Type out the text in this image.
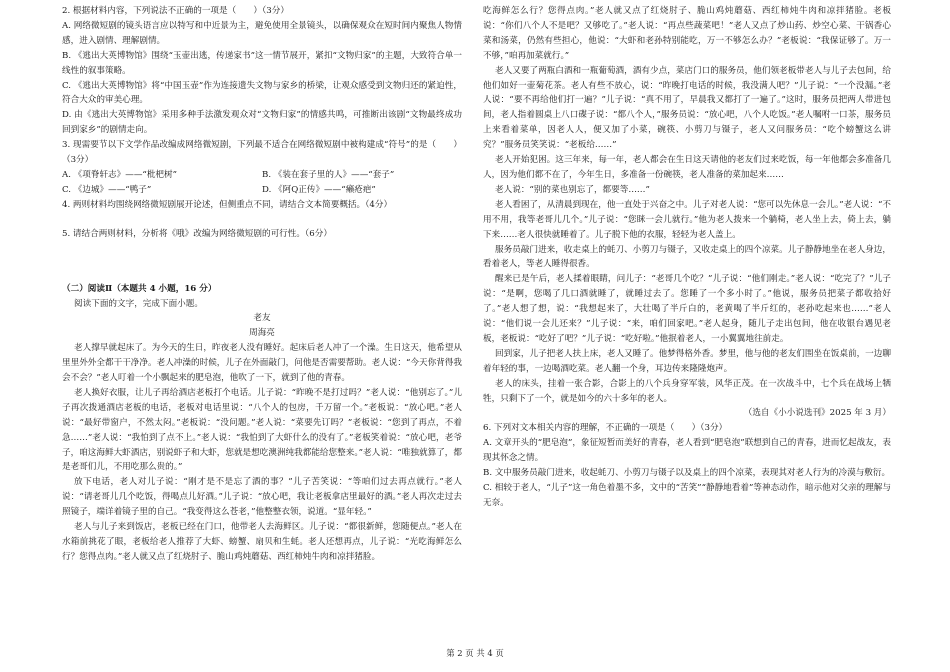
2. 根据材料内容，下列说法不正确的一项是（　　）（3分）

A. 网络微短剧的镜头语言应以特写和中近景为主，避免使用全景镜头，以确保观众在短时间内聚焦人物情感，进入剧情、理解剧情。

B. 《逃出大英博物馆》围绕“玉壶出逃，传递家书”这一情节展开，紧扣“文物归家”的主题，大致符合单一线性的叙事策略。

C. 《逃出大英博物馆》将“中国玉壶”作为连接遗失文物与家乡的桥梁，让观众感受到文物归还的紧迫性，符合大众的审美心理。

D. 由《逃出大英博物馆》采用多种手法激发观众对“文物归家”的情感共鸣，可推断出该剧“文物最终成功回到家乡”的剧情走向。

3. 现需要节以下文学作品改编成网络微短剧，下列最不适合在网络微短剧中被构建成“符号”的是（　　）（3分）

A. 《项脊轩志》——“枇杷树”	B. 《装在套子里的人》——“套子”
C. 《边城》——“鸭子”	D. 《阿Q正传》——“癞疮疤”

4. 两则材料均围绕网络微短剧展开论述，但侧重点不同，请结合文本简要概括。（4分）

5. 请结合两则材料，分析将《哦》改编为网络微短剧的可行性。（6分）

（二）阅读Ⅱ（本题共 4 小题，16 分）

阅读下面的文字，完成下面小题。

老友

周海亮

老人撑早就起床了。为今天的生日，昨夜老人没有睡好。起床后老人冲了一个澡。生日这天，他希望从里里外外全都干干净净。老人冲澡的时候，儿子在外面敲门，问他是否需要帮助。老人说：“今天你背得我会不会？”老人叮着一个小飘起来的肥皂泡，他吹了一下，就到了他的青春。

老人换好衣服，让儿子再给酒店老板打个电话。儿子说：“昨晚不是打过吗？”老人说：“他别忘了。”儿子再次拨通酒店老板的电话，老板对电话里说：“八个人的包房，千万留一个。”老板说：“放心吧。”老人说：“最好带窗户，不然太闷。”老板说：“没问题。”老人说：“菜要先订吗？”老板说：“您到了再点，不着急……”老人说：“我怕到了点不上。”老人说：“我怕到了大虾什么的没有了。”老板笑着说：“放心吧，老爷子，咱这海鲜大虾酒店，别说虾子和大虾，您就是想吃澳洲纯我都能给您整来。”老人说：“唯独就算了，都是老哥们儿，不用吃那么贵的。”

放下电话，老人对儿子说：“刚才是不是忘了酒的事？”儿子苦笑说：“等咱们过去再点就行。”老人说：“请老哥儿几个吃饭，得喝点儿好酒。”儿子说：“放心吧，我让老板拿店里最好的酒。”老人再次走过去照镜子，端详着镜子里的自己。“我变得这么苍老，”他整整衣领，说道。“显年轻。”

老人与儿子来到饭店，老板已经在门口，他带老人去海鲜区。儿子说：“都很新鲜，您随便点。”老人在水箱前挑花了眼，老板给老人推荐了大虾、螃蟹、扇贝和生蚝。老人还想再点，儿子说：“光吃海鲜怎么行？您得点肉。”老人就又点了红烧肘子、脆山鸡炖蘑菇、西红柿炖牛肉和凉拌猪脸。

吃海鲜怎么行？您得点肉。”老人就又点了红烧肘子、脆山鸡炖蘑菇、西红柿炖牛肉和凉拌猪脸。老板说：“你们八个人不是吧？又够吃了。”老人说：“再点些蔬菜吧！”老人又点了炒山药、炒空心菜、干锅香心菜和汤菜，仍然有些担心，他说：“大虾和老孙特别能吃，万一不够怎么办？”老板说：“我保证够了。万一不够，”咱再加菜就行。”

老人又要了两瓶白酒和一瓶葡萄酒，酒有少点，菜店门口的服务员，他们领老板带老人与儿子去包间，给他们如好一壶菊花茶。老人有些不放心，说：“昨晚打电话的时候，我没满人吧？”儿子说：“一个没漏。”老人说：“要不再给他们打一遍？”儿子说：“真不用了，早晨我又都打了一遍了。”这时，服务员把两人带进包间，老人指着圆桌上八口碟子说：“都八个人，”服务员说：“放心吧，八个人吃饭。”老人嘱咐一口茶，服务员上来看着菜单，因老人人，便又加了小菜，碗筷、小剪刀与镊子，老人又问服务员：“吃个螃蟹这么讲究？”服务员笑笑说：“老板给……”

老人开始犯困。这三年来，每一年，老人都会在生日这天请他的老友们过来吃饭，每一年他都会多准备几人，因为他们都不在了，今年生日，多准备一份碗筷，老人准备的菜加起来……

老人说：“别的菜也别忘了，都要等……”

老人看困了，从清晨到现在，他一直处于兴奋之中。儿子对老人说：“您可以先休息一会儿。”老人说：“不用不用，我等老哥儿几个。”儿子说：“您眯一会儿就行。”他为老人拨来一个躺椅，老人坐上去，倚上去，躺下来……老人很快就睡着了。儿子脱下他的衣服，轻轻为老人盖上。

服务员敲门进来，收走桌上的蚝刀、小剪刀与镊子，又收走桌上的四个凉菜。儿子静静地坐在老人身边，看着老人，等老人睡得很香。

醒来已是午后，老人揉着眼睛，问儿子：“老哥几个吃？”儿子说：“他们刚走。”老人说：“吃完了？”儿子说：“是啊，您喝了几口酒就睡了，就睡过去了。您睡了一个多小时了。”他说，服务员把菜子都收拾好了。”老人想了想，说：“我想起来了，大壮喝了半斤白的，老黄喝了半斤红的，老孙吃起来也……”老人说：“他们说一会儿还来？”儿子说：“来，咱们回家吧。”老人起身，随儿子走出包间，他在收银台遇见老板，老板说：“吃好了吧？”儿子说：“吃好啦。”他抿着老人，一小翼翼地往前走。

回到家，儿子把老人扶上床，老人又睡了。他梦得格外香。梦里，他与他的老友们围坐在饭桌前，一边聊着年轻的事，一边喝酒吃菜。老人翻一个身，耳边传来隆隆炮声。

老人的床头，挂着一张合影，合影上的八个兵身穿军装，风华正茂。在一次战斗中，七个兵在战场上牺牲，只剩下了一个，就是如今的六十多年的老人。

（选自《小小说选刊》2025 年 3 月）

6. 下列对文本相关内容的理解，不正确的一项是（　　）（3分）

A. 文章开头的“肥皂泡”，象征短暂而美好的青春，老人看到“肥皂泡”联想到自己的青春，进而忆起战友，表现其怀念之情。

B. 文中服务员敲门进来，收起蚝刀、小剪刀与镊子以及桌上的四个凉菜，表现其对老人行为的冷漠与敷衍。

C. 相较于老人，“儿子”这一角色着墨不多，文中的“苦笑”“静静地看着”等神态动作，暗示他对父亲的理解与无奈。

第 2 页 共 4 页
